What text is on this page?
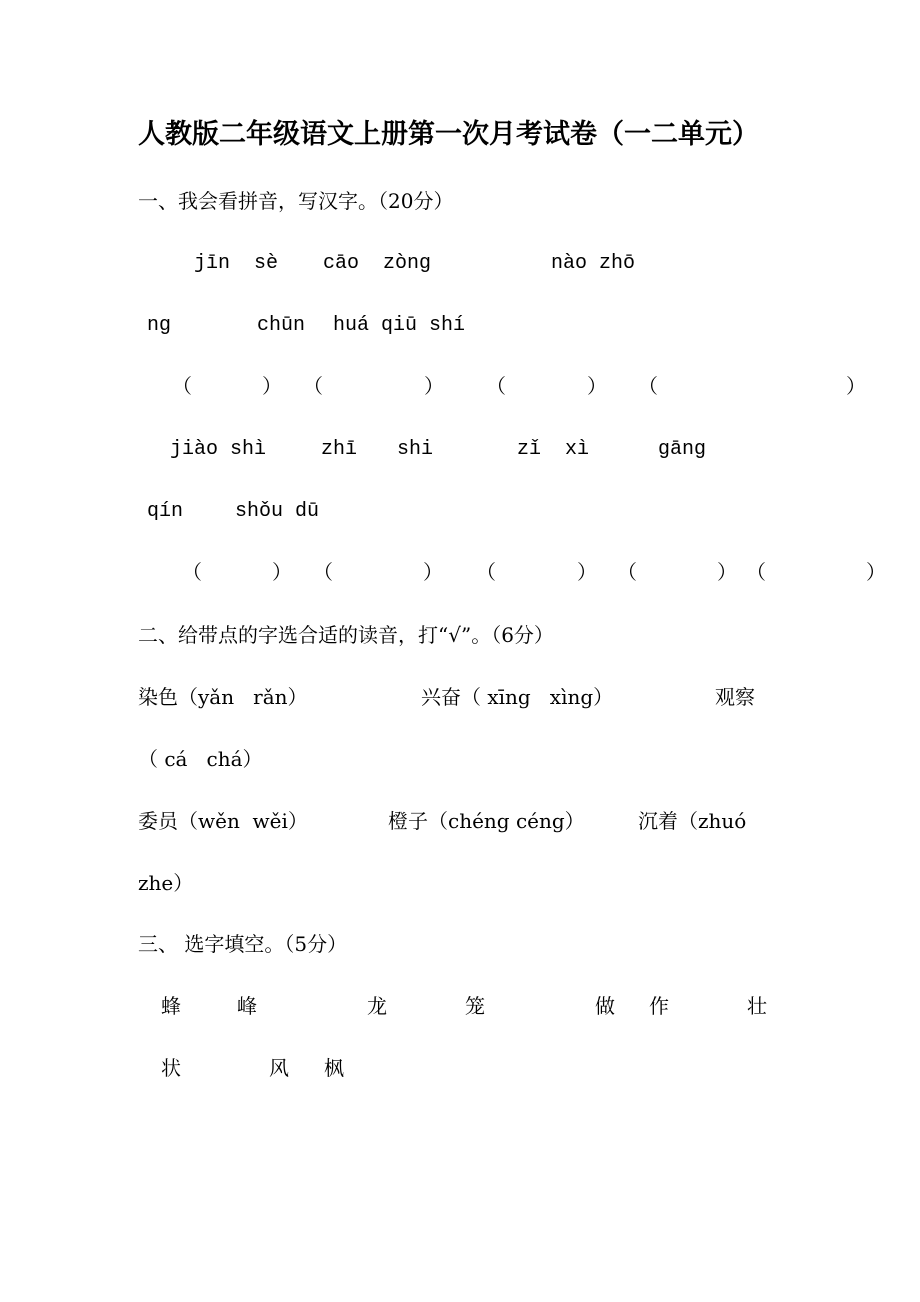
人教版二年级语文上册第一次月考试卷（一二单元）
一、我会看拼音，写汉字。（20分）
jīn  sè cāo  zòng	nào zhō
ng	chūn huá qiū shí
（	） （	） （	） （	）
jiào shì	zhī shi	zǐ  xì	gāng
qín	shǒu dū
（	） （	） （	） （	） （	）
二、给带点的字选合适的读音，打“√”。（6分）
染色（yǎn   rǎn）	兴奋（ xīng   xìng）	观察
（ cá   chá）
委员（wěn  wěi）	橙子（chéng céng）	沉着（zhuó
zhe）
三、 选字填空。（5分）
蜂	峰	龙	笼	做 作	壮
状	风 枫
